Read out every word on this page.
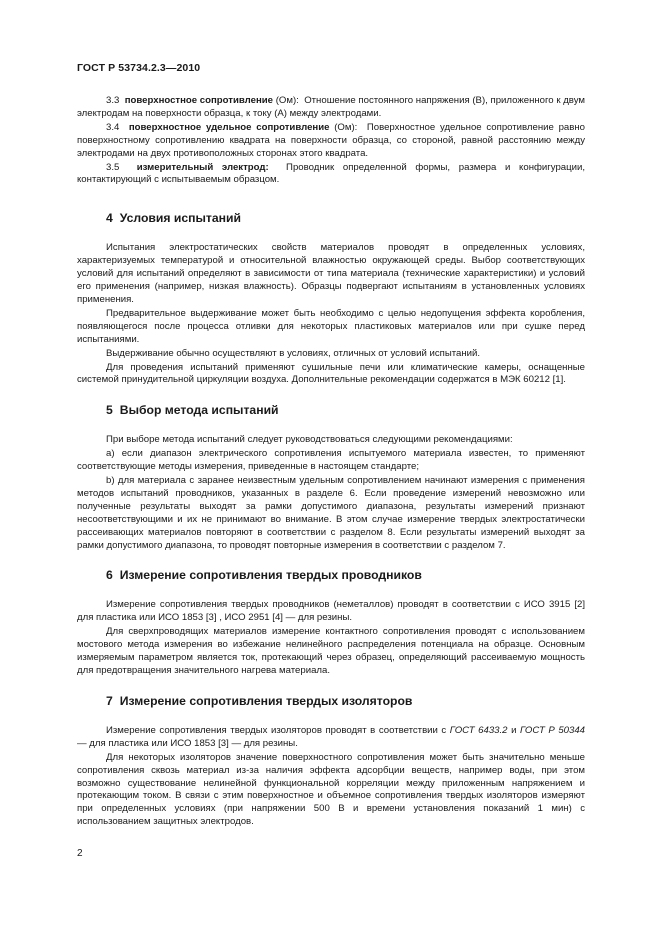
ГОСТ Р 53734.2.3—2010

3.3 поверхностное сопротивление (Ом): Отношение постоянного напряжения (В), приложенного к двум электродам на поверхности образца, к току (А) между электродами.

3.4 поверхностное удельное сопротивление (Ом): Поверхностное удельное сопротивление равно поверхностному сопротивлению квадрата на поверхности образца, со стороной, равной расстоянию между электродами на двух противоположных сторонах этого квадрата.

3.5 измерительный электрод: Проводник определенной формы, размера и конфигурации, контактирующий с испытываемым образцом.

4 Условия испытаний

Испытания электростатических свойств материалов проводят в определенных условиях, характеризуемых температурой и относительной влажностью окружающей среды. Выбор соответствующих условий для испытаний определяют в зависимости от типа материала (технические характеристики) и условий его применения (например, низкая влажность). Образцы подвергают испытаниям в установленных условиях применения.

Предварительное выдерживание может быть необходимо с целью недопущения эффекта коробления, появляющегося после процесса отливки для некоторых пластиковых материалов или при сушке перед испытаниями.

Выдерживание обычно осуществляют в условиях, отличных от условий испытаний.

Для проведения испытаний применяют сушильные печи или климатические камеры, оснащенные системой принудительной циркуляции воздуха. Дополнительные рекомендации содержатся в МЭК 60212 [1].

5 Выбор метода испытаний

При выборе метода испытаний следует руководствоваться следующими рекомендациями:

а) если диапазон электрического сопротивления испытуемого материала известен, то применяют соответствующие методы измерения, приведенные в настоящем стандарте;

b) для материала с заранее неизвестным удельным сопротивлением начинают измерения с применения методов испытаний проводников, указанных в разделе 6. Если проведение измерений невозможно или полученные результаты выходят за рамки допустимого диапазона, результаты измерений признают несоответствующими и их не принимают во внимание. В этом случае измерение твердых электростатически рассеивающих материалов повторяют в соответствии с разделом 8. Если результаты измерений выходят за рамки допустимого диапазона, то проводят повторные измерения в соответствии с разделом 7.

6 Измерение сопротивления твердых проводников

Измерение сопротивления твердых проводников (неметаллов) проводят в соответствии с ИСО 3915 [2] для пластика или ИСО 1853 [3] , ИСО 2951 [4] — для резины.

Для сверхпроводящих материалов измерение контактного сопротивления проводят с использованием мостового метода измерения во избежание нелинейного распределения потенциала на образце. Основным измеряемым параметром является ток, протекающий через образец, определяющий рассеиваемую мощность для предотвращения значительного нагрева материала.

7 Измерение сопротивления твердых изоляторов

Измерение сопротивления твердых изоляторов проводят в соответствии с ГОСТ 6433.2 и ГОСТ Р 50344 — для пластика или ИСО 1853 [3] — для резины.

Для некоторых изоляторов значение поверхностного сопротивления может быть значительно меньше сопротивления сквозь материал из-за наличия эффекта адсорбции веществ, например воды, при этом возможно существование нелинейной функциональной корреляции между приложенным напряжением и протекающим током. В связи с этим поверхностное и объемное сопротивления твердых изоляторов измеряют при определенных условиях (при напряжении 500 В и времени установления показаний 1 мин) с использованием защитных электродов.

2
